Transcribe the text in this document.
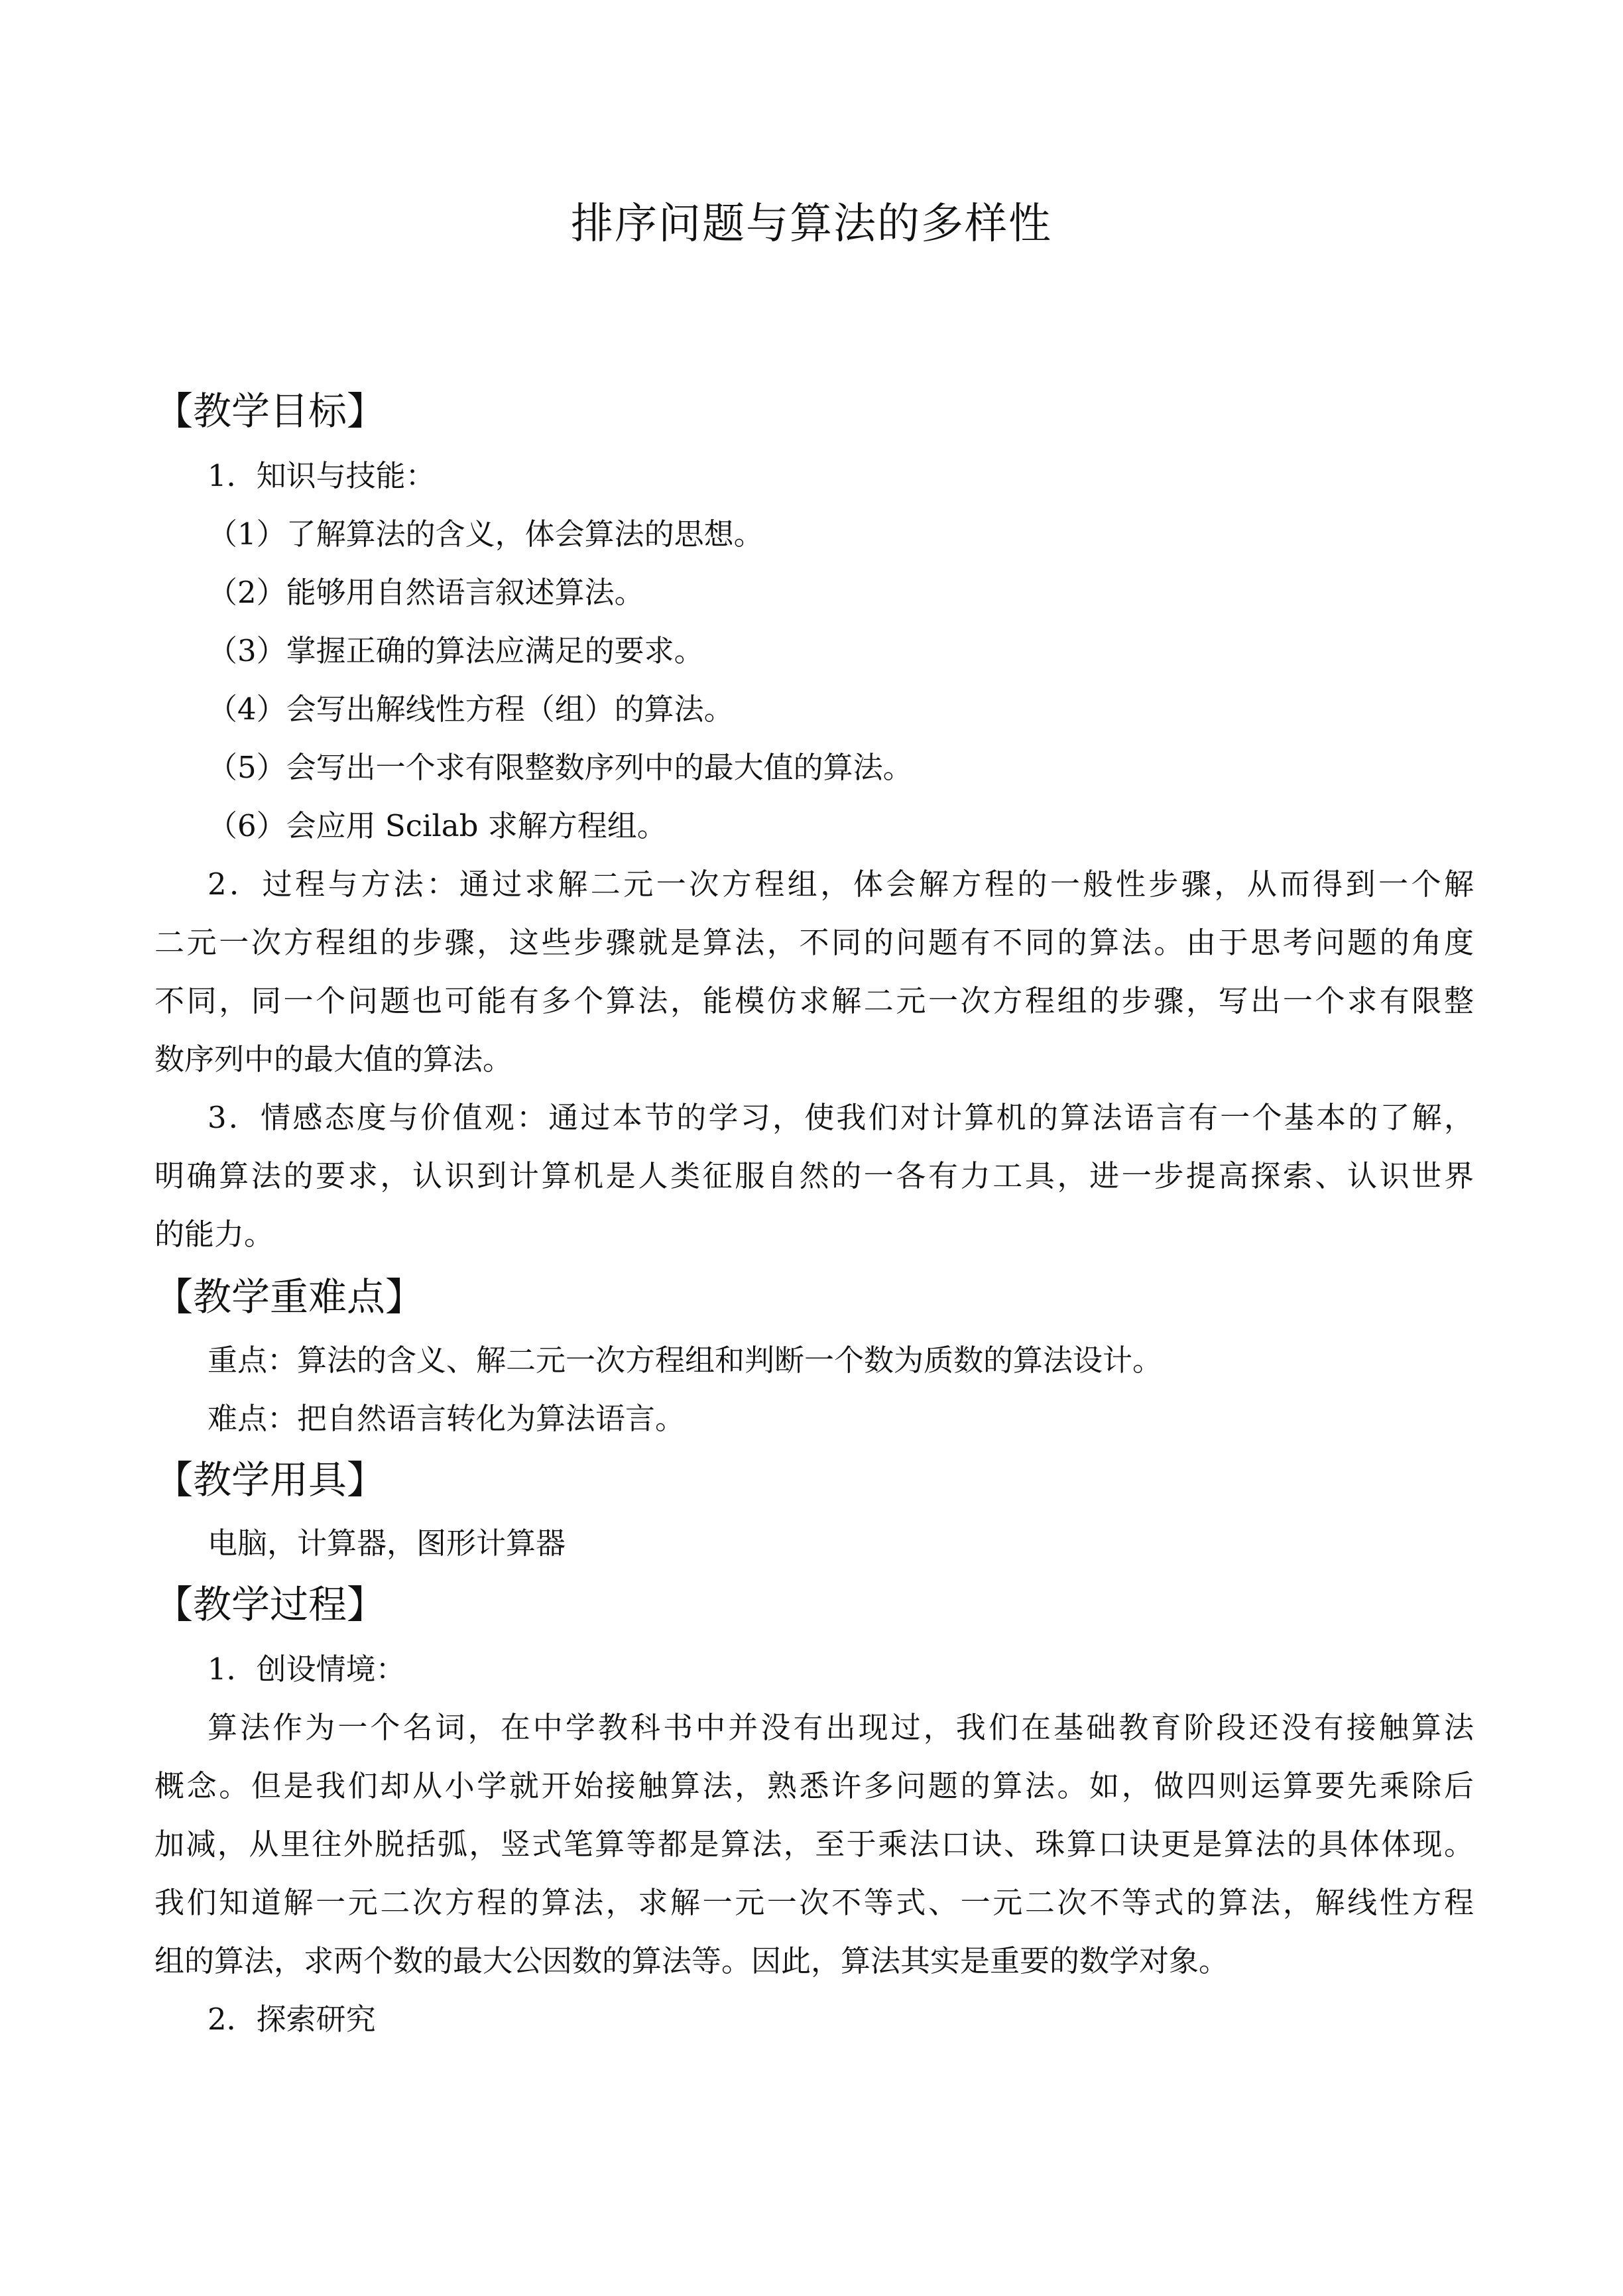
排序问题与算法的多样性
【教学目标】
1．知识与技能：
（1）了解算法的含义，体会算法的思想。
（2）能够用自然语言叙述算法。
（3）掌握正确的算法应满足的要求。
（4）会写出解线性方程（组）的算法。
（5）会写出一个求有限整数序列中的最大值的算法。
（6）会应用 Scilab 求解方程组。
2．过程与方法：通过求解二元一次方程组，体会解方程的一般性步骤，从而得到一个解
二元一次方程组的步骤，这些步骤就是算法，不同的问题有不同的算法。由于思考问题的角度
不同，同一个问题也可能有多个算法，能模仿求解二元一次方程组的步骤，写出一个求有限整
数序列中的最大值的算法。
3．情感态度与价值观：通过本节的学习，使我们对计算机的算法语言有一个基本的了解，
明确算法的要求，认识到计算机是人类征服自然的一各有力工具，进一步提高探索、认识世界
的能力。
【教学重难点】
重点：算法的含义、解二元一次方程组和判断一个数为质数的算法设计。
难点：把自然语言转化为算法语言。
【教学用具】
电脑，计算器，图形计算器
【教学过程】
1．创设情境：
算法作为一个名词，在中学教科书中并没有出现过，我们在基础教育阶段还没有接触算法
概念。但是我们却从小学就开始接触算法，熟悉许多问题的算法。如，做四则运算要先乘除后
加减，从里往外脱括弧，竖式笔算等都是算法，至于乘法口诀、珠算口诀更是算法的具体体现。
我们知道解一元二次方程的算法，求解一元一次不等式、一元二次不等式的算法，解线性方程
组的算法，求两个数的最大公因数的算法等。因此，算法其实是重要的数学对象。
2．探索研究
